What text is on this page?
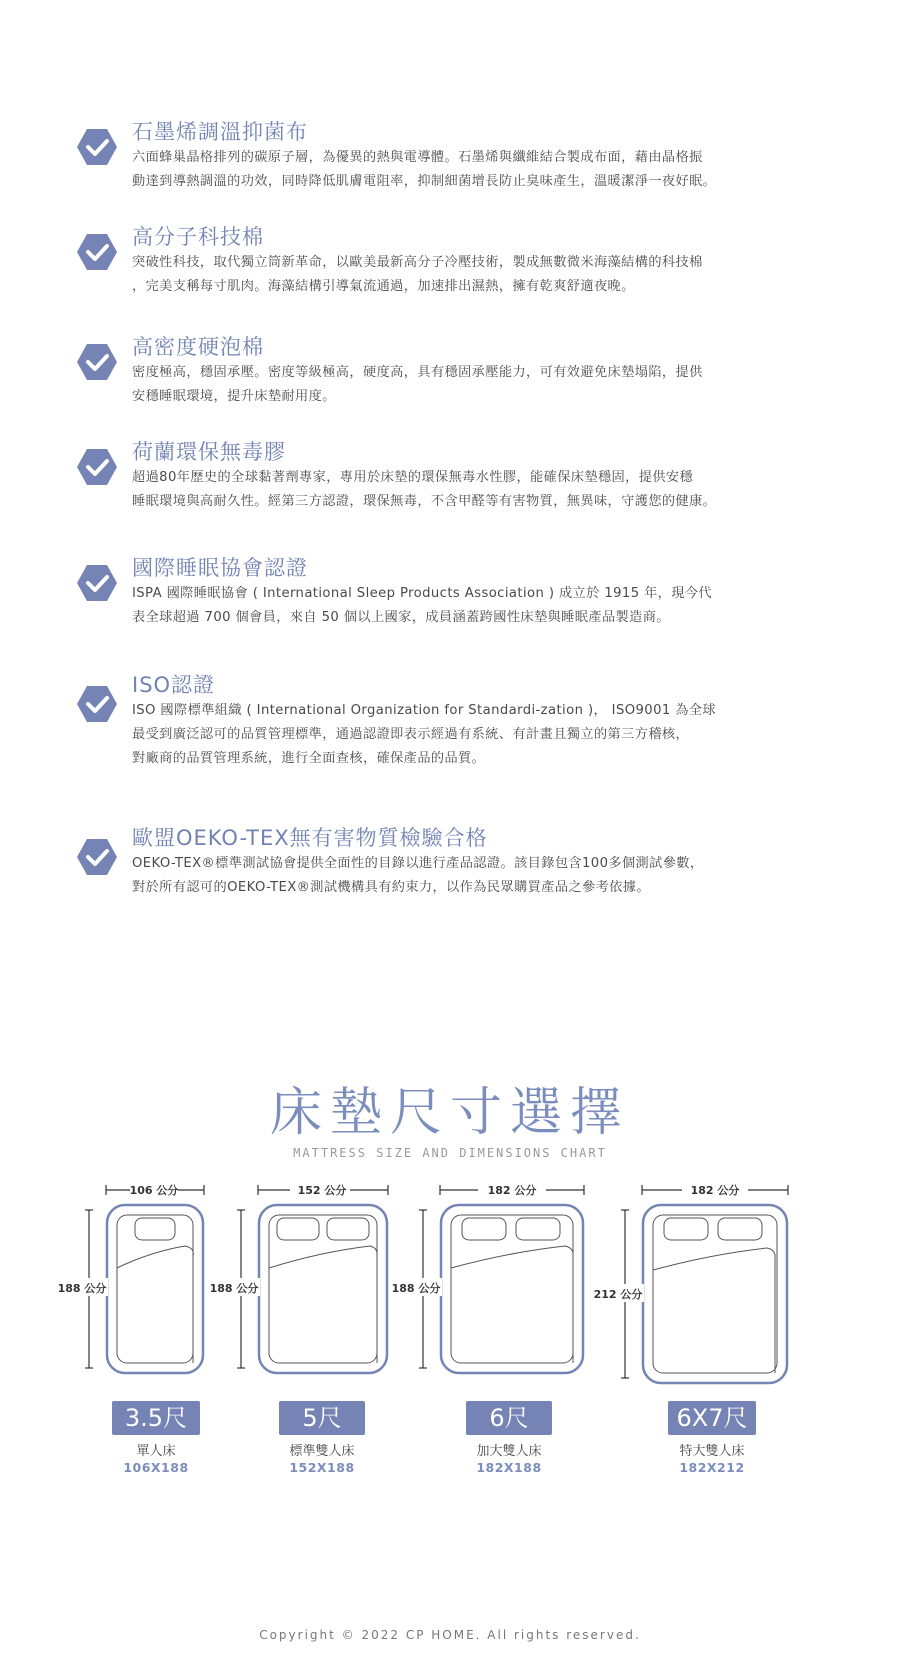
石墨烯調溫抑菌布
六面蜂巢晶格排列的碳原子層，為優異的熱與電導體。石墨烯與纖維結合製成布面，藉由晶格振
動達到導熱調溫的功效，同時降低肌膚電阻率，抑制細菌增長防止臭味產生，溫暖潔淨一夜好眠。
高分子科技棉
突破性科技，取代獨立筒新革命，以歐美最新高分子冷壓技術，製成無數微米海藻結構的科技棉
，完美支稱每寸肌肉。海藻結構引導氣流通過，加速排出濕熱，擁有乾爽舒適夜晚。
高密度硬泡棉
密度極高，穩固承壓。密度等級極高，硬度高，具有穩固承壓能力，可有效避免床墊塌陷，提供
安穩睡眠環境，提升床墊耐用度。
荷蘭環保無毒膠
超過80年歷史的全球黏著劑專家，專用於床墊的環保無毒水性膠，能確保床墊穩固，提供安穩
睡眠環境與高耐久性。經第三方認證，環保無毒，不含甲醛等有害物質，無異味，守護您的健康。
國際睡眠協會認證
ISPA 國際睡眠協會 ( International Sleep Products Association ) 成立於 1915 年，現今代
表全球超過 700 個會員，來自 50 個以上國家，成員涵蓋跨國性床墊與睡眠產品製造商。
ISO認證
ISO 國際標準組織 ( International Organization for Standardi-zation )， ISO9001 為全球
最受到廣泛認可的品質管理標準，通過認證即表示經過有系統、有計畫且獨立的第三方稽核，
對廠商的品質管理系統，進行全面查核，確保產品的品質。
歐盟OEKO-TEX無有害物質檢驗合格
OEKO-TEX®標準測試協會提供全面性的目錄以進行產品認證。該目錄包含100多個測試參數，
對於所有認可的OEKO-TEX®測試機構具有約束力，以作為民眾購買產品之參考依據。
床墊尺寸選擇
MATTRESS SIZE AND DIMENSIONS CHART
106 公分
188 公分
152 公分
188 公分
182 公分
188 公分
182 公分
212 公分
3.5尺
單人床
106X188
5尺
標準雙人床
152X188
6尺
加大雙人床
182X188
6X7尺
特大雙人床
182X212
Copyright © 2022 CP HOME. All rights reserved.
